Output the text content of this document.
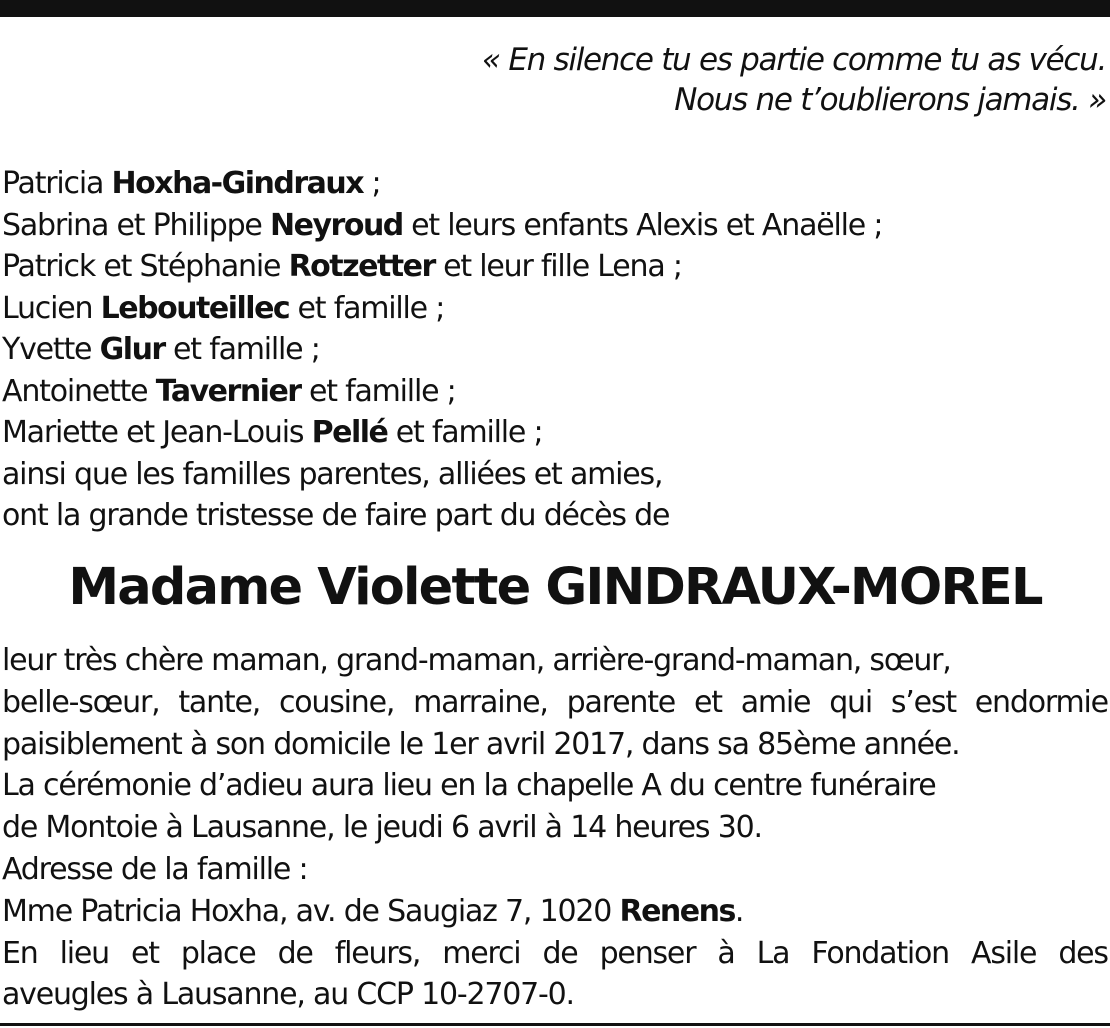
« En silence tu es partie comme tu as vécu.
Nous ne t’oublierons jamais. »
Patricia Hoxha-Gindraux ;
Sabrina et Philippe Neyroud et leurs enfants Alexis et Anaëlle ;
Patrick et Stéphanie Rotzetter et leur fille Lena ;
Lucien Lebouteillec et famille ;
Yvette Glur et famille ;
Antoinette Tavernier et famille ;
Mariette et Jean-Louis Pellé et famille ;
ainsi que les familles parentes, alliées et amies,
ont la grande tristesse de faire part du décès de
Madame Violette GINDRAUX-MOREL
leur très chère maman, grand-maman, arrière-grand-maman, sœur,
belle-sœur, tante, cousine, marraine, parente et amie qui s’est endormie
paisiblement à son domicile le 1er avril 2017, dans sa 85ème année.
La cérémonie d’adieu aura lieu en la chapelle A du centre funéraire
de Montoie à Lausanne, le jeudi 6 avril à 14 heures 30.
Adresse de la famille :
Mme Patricia Hoxha, av. de Saugiaz 7, 1020 Renens.
En lieu et place de fleurs, merci de penser à La Fondation Asile des
aveugles à Lausanne, au CCP 10-2707-0.
